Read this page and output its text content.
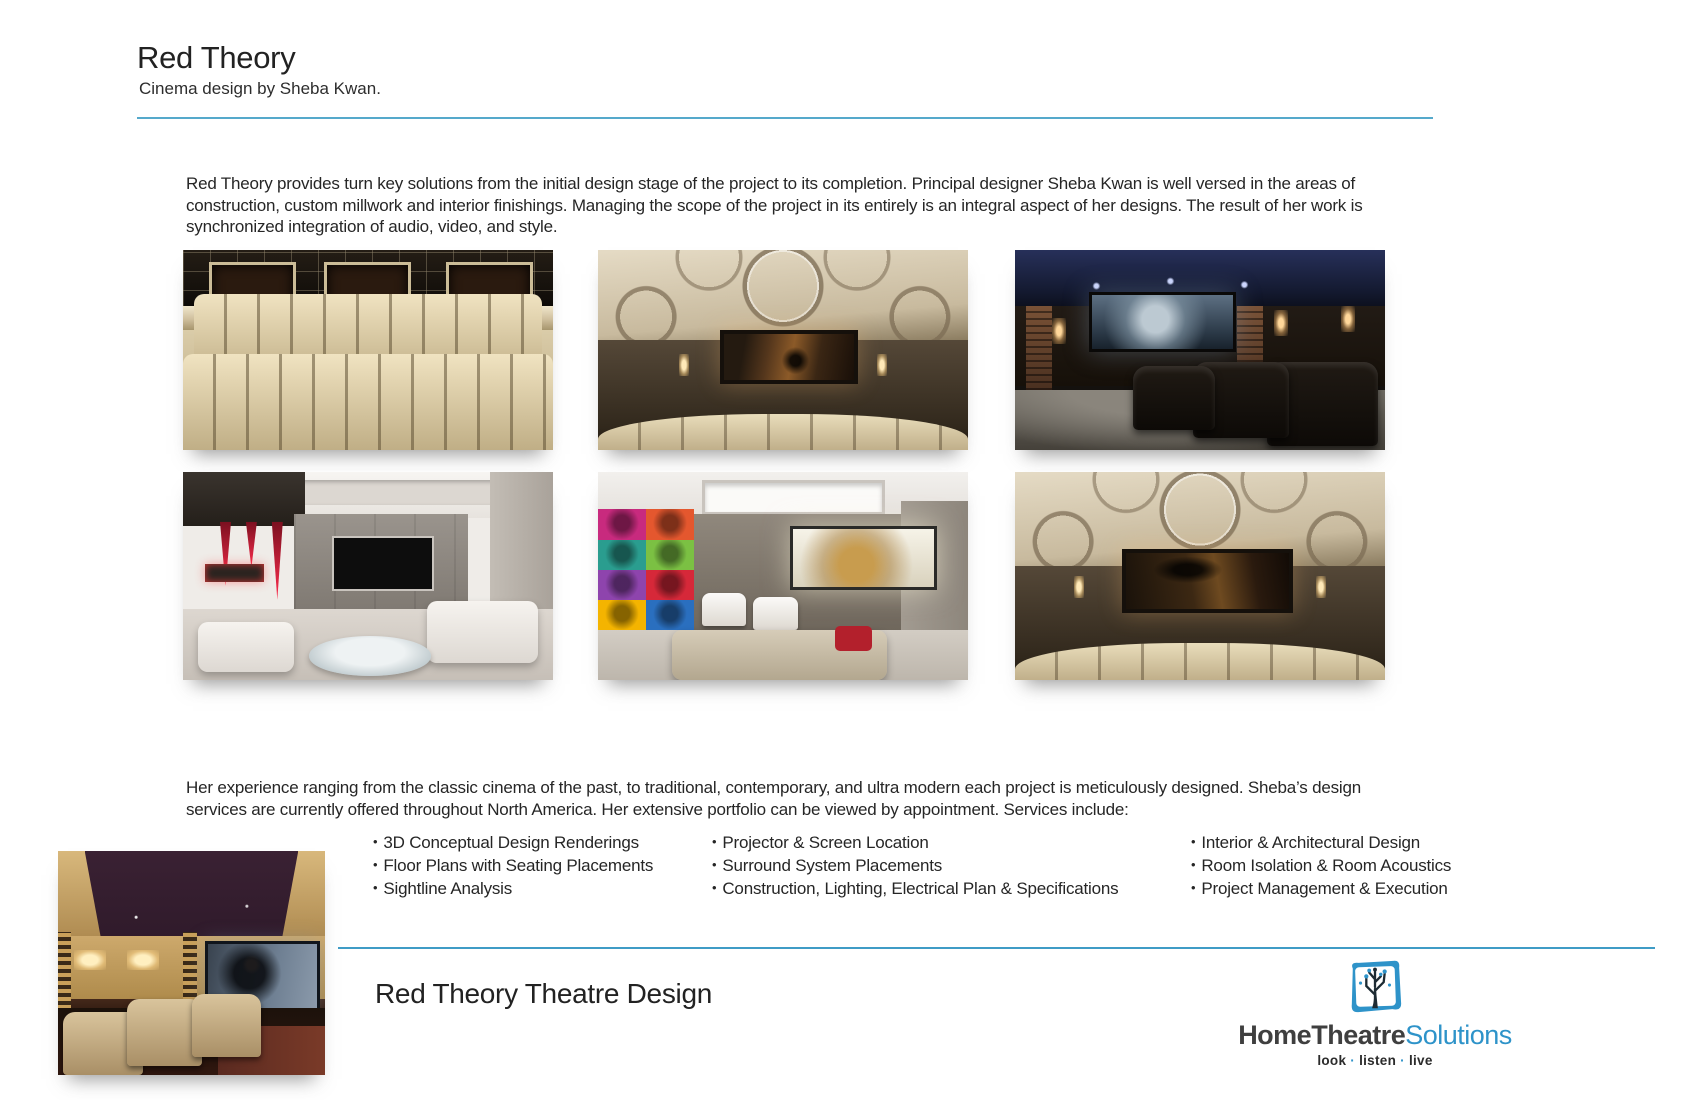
Red Theory
Cinema design by Sheba Kwan.

Red Theory provides turn key solutions from the initial design stage of the project to its completion. Principal designer Sheba Kwan is well versed in the areas of construction, custom millwork and interior finishings. Managing the scope of the project in its entirely is an integral aspect of her designs. The result of her work is synchronized integration of audio, video, and style.

Her experience ranging from the classic cinema of the past, to traditional, contemporary, and ultra modern each project is meticulously designed. Sheba’s design services are currently offered throughout North America. Her extensive portfolio can be viewed by appointment. Services include:

• 3D Conceptual Design Renderings
• Floor Plans with Seating Placements
• Sightline Analysis
• Projector & Screen Location
• Surround System Placements
• Construction, Lighting, Electrical Plan & Specifications
• Interior & Architectural Design
• Room Isolation & Room Acoustics
• Project Management & Execution
Red Theory Theatre Design
HomeTheatreSolutions
look · listen · live
